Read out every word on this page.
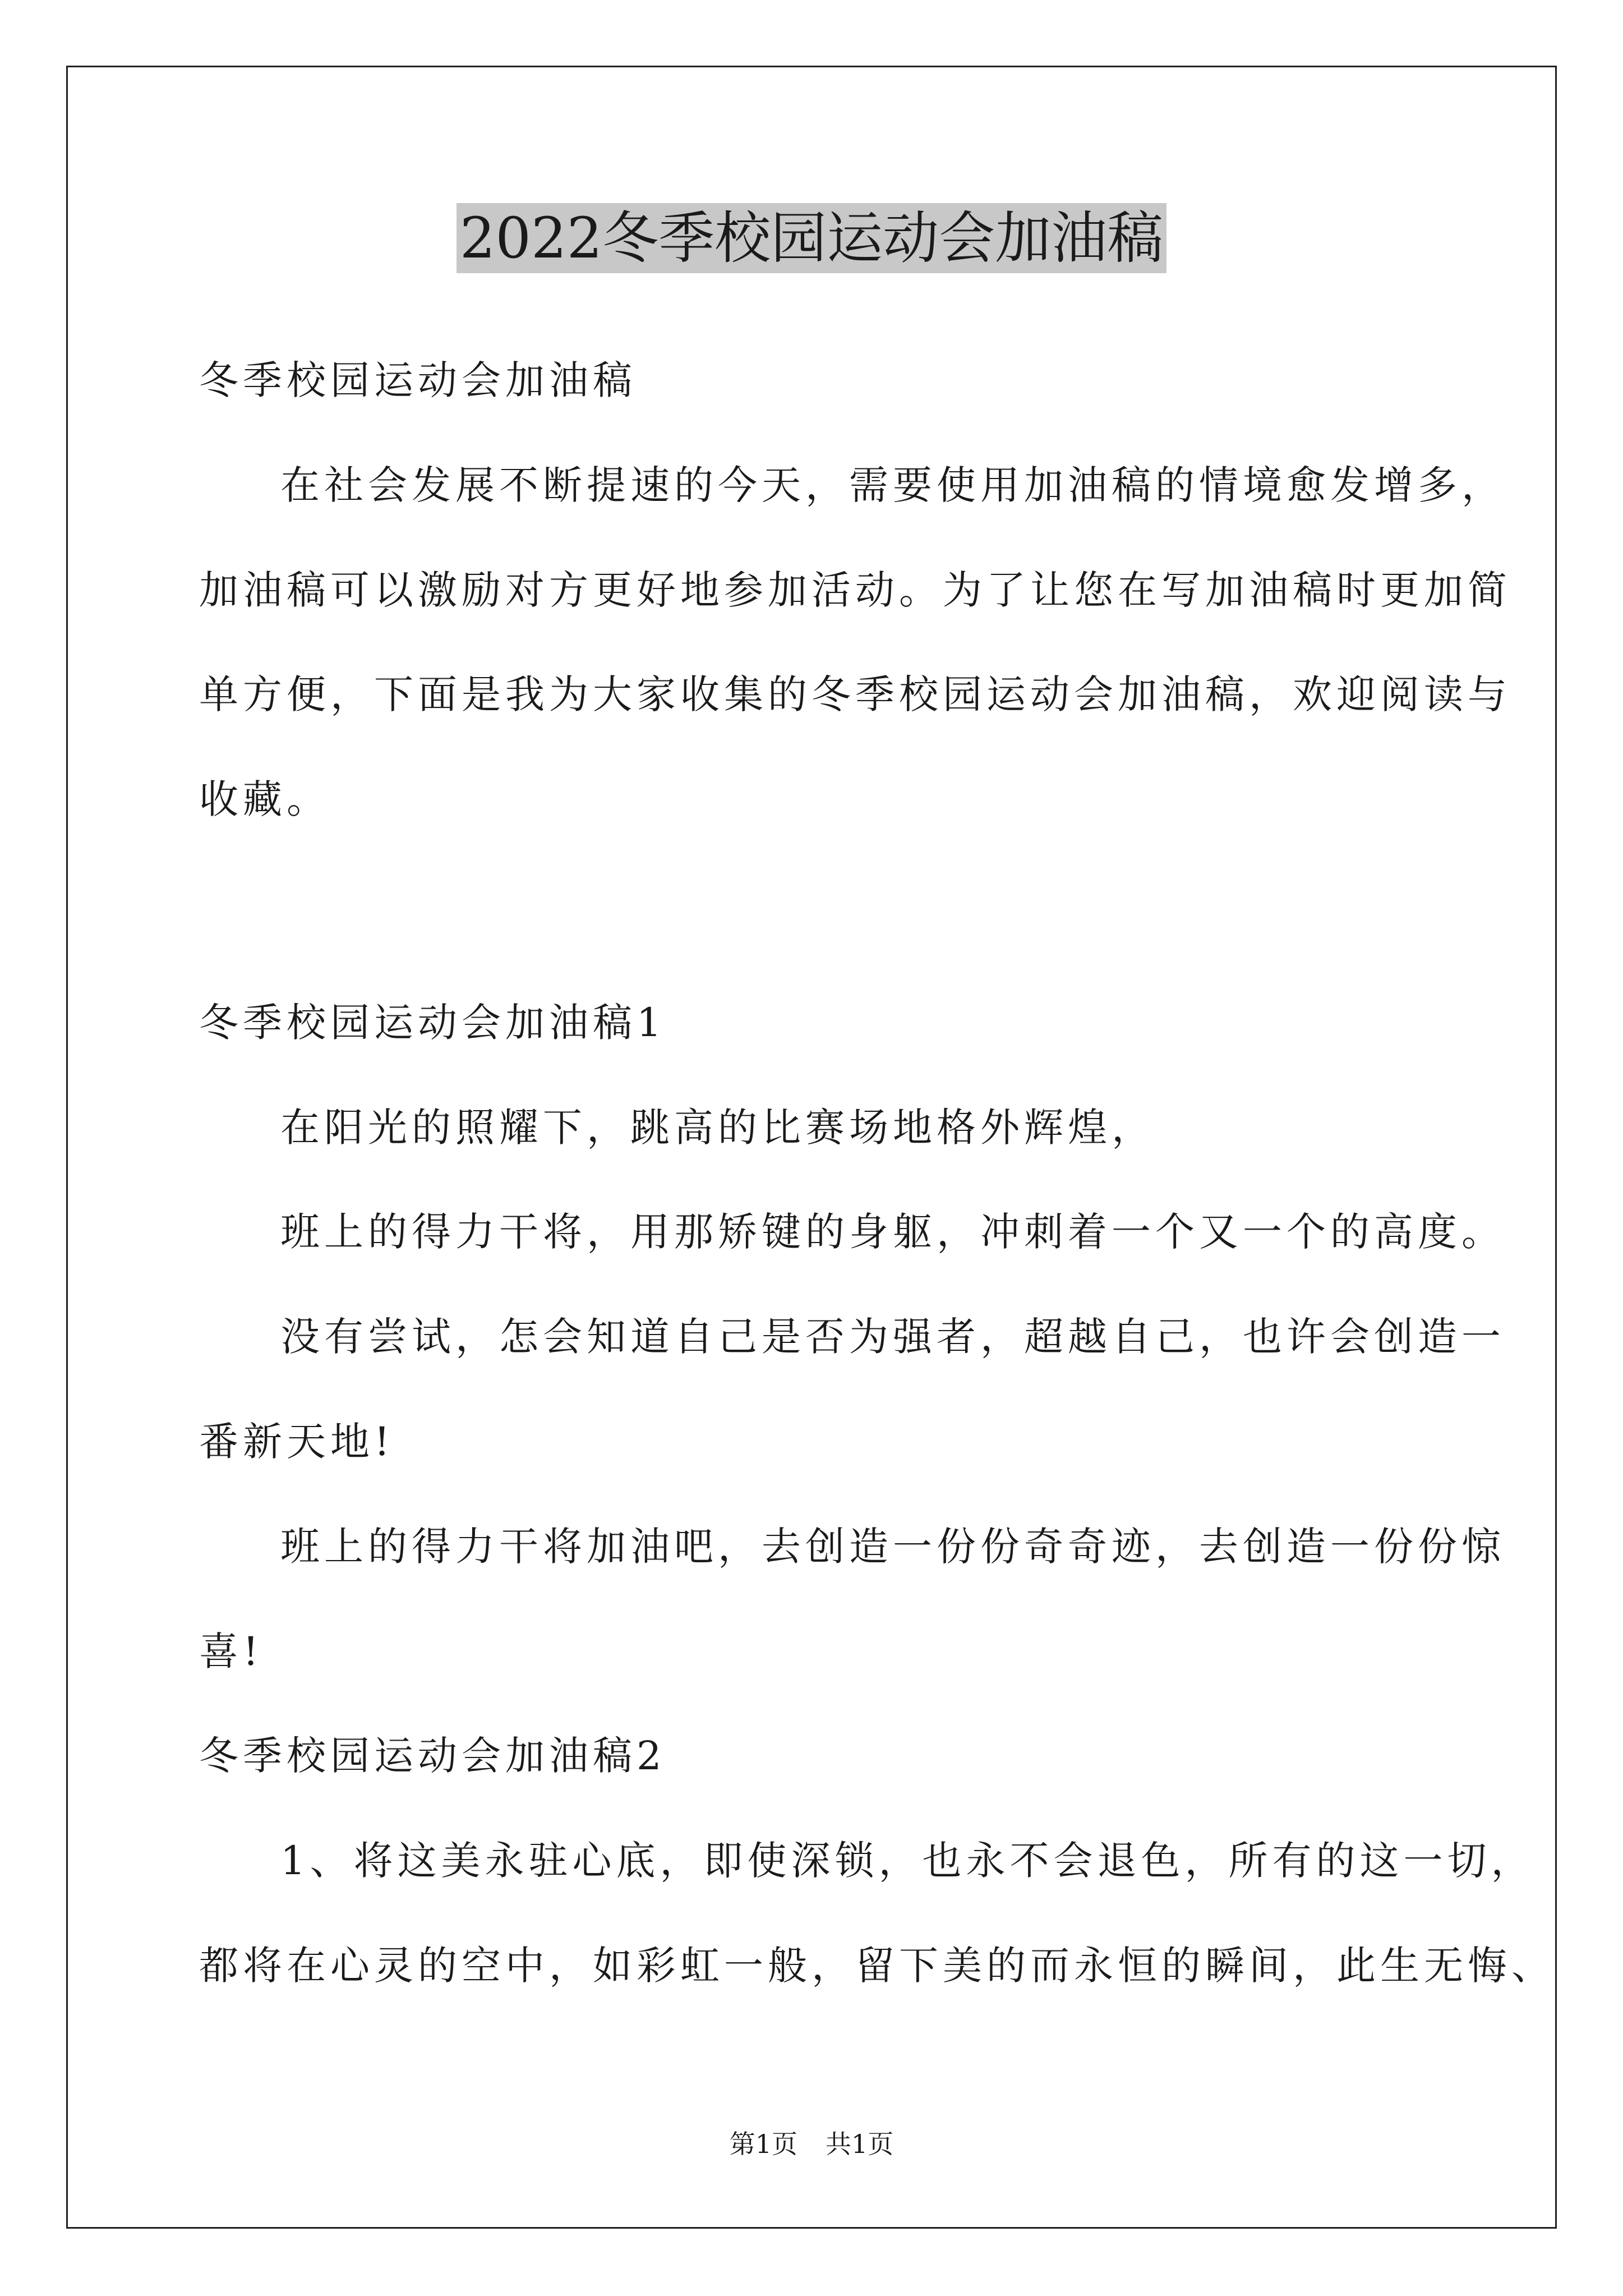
2022冬季校园运动会加油稿
冬季校园运动会加油稿
在社会发展不断提速的今天，需要使用加油稿的情境愈发增多，
加油稿可以激励对方更好地参加活动。为了让您在写加油稿时更加简
单方便，下面是我为大家收集的冬季校园运动会加油稿，欢迎阅读与
收藏。
冬季校园运动会加油稿1
在阳光的照耀下，跳高的比赛场地格外辉煌，
班上的得力干将，用那矫键的身躯，冲刺着一个又一个的高度。
没有尝试，怎会知道自己是否为强者，超越自己，也许会创造一
番新天地!
班上的得力干将加油吧，去创造一份份奇奇迹，去创造一份份惊
喜!
冬季校园运动会加油稿2
1、将这美永驻心底，即使深锁，也永不会退色，所有的这一切，
都将在心灵的空中，如彩虹一般，留下美的而永恒的瞬间，此生无悔、
第1页 共1页
